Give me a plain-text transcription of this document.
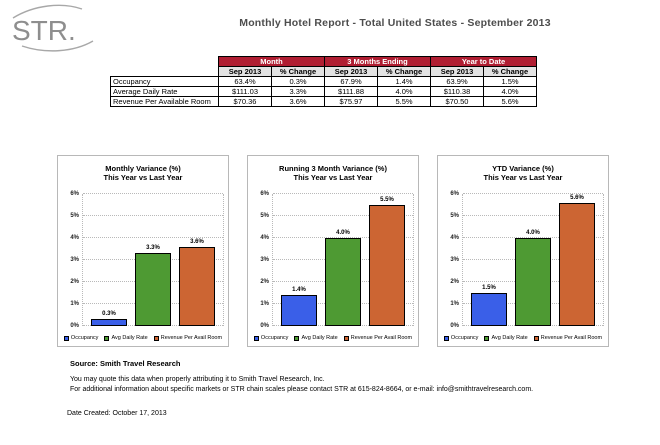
STR.	Monthly Hotel Report - Total United States - September 2013
	Month		3 Months Ending		Year to Date	
	Sep 2013	% Change	Sep 2013	% Change	Sep 2013	% Change
Occupancy	63.4%	0.3%	67.9%	1.4%	63.9%	1.5%
Average Daily Rate	$111.03	3.3%	$111.88	4.0%	$110.38	4.0%
Revenue Per Available Room	$70.36	3.6%	$75.97	5.5%	$70.50	5.6%
Monthly Variance (%)
This Year vs Last Year
0%
1%
2%
3%
4%
5%
6%
0.3%
3.3%
3.6%
Occupancy Avg Daily Rate Revenue Per Avail Room
Running 3 Month Variance (%)
This Year vs Last Year
0%
1%
2%
3%
4%
5%
6%
1.4%
4.0%
5.5%
Occupancy Avg Daily Rate Revenue Per Avail Room
YTD Variance (%)
This Year vs Last Year
0%
1%
2%
3%
4%
5%
6%
1.5%
4.0%
5.6%
Occupancy Avg Daily Rate Revenue Per Avail Room
Source: Smith Travel Research
You may quote this data when properly attributing it to Smith Travel Research, Inc.
For additional information about specific markets or STR chain scales please contact STR at 615-824-8664, or e-mail: info@smithtravelresearch.com.
Date Created: October 17, 2013
